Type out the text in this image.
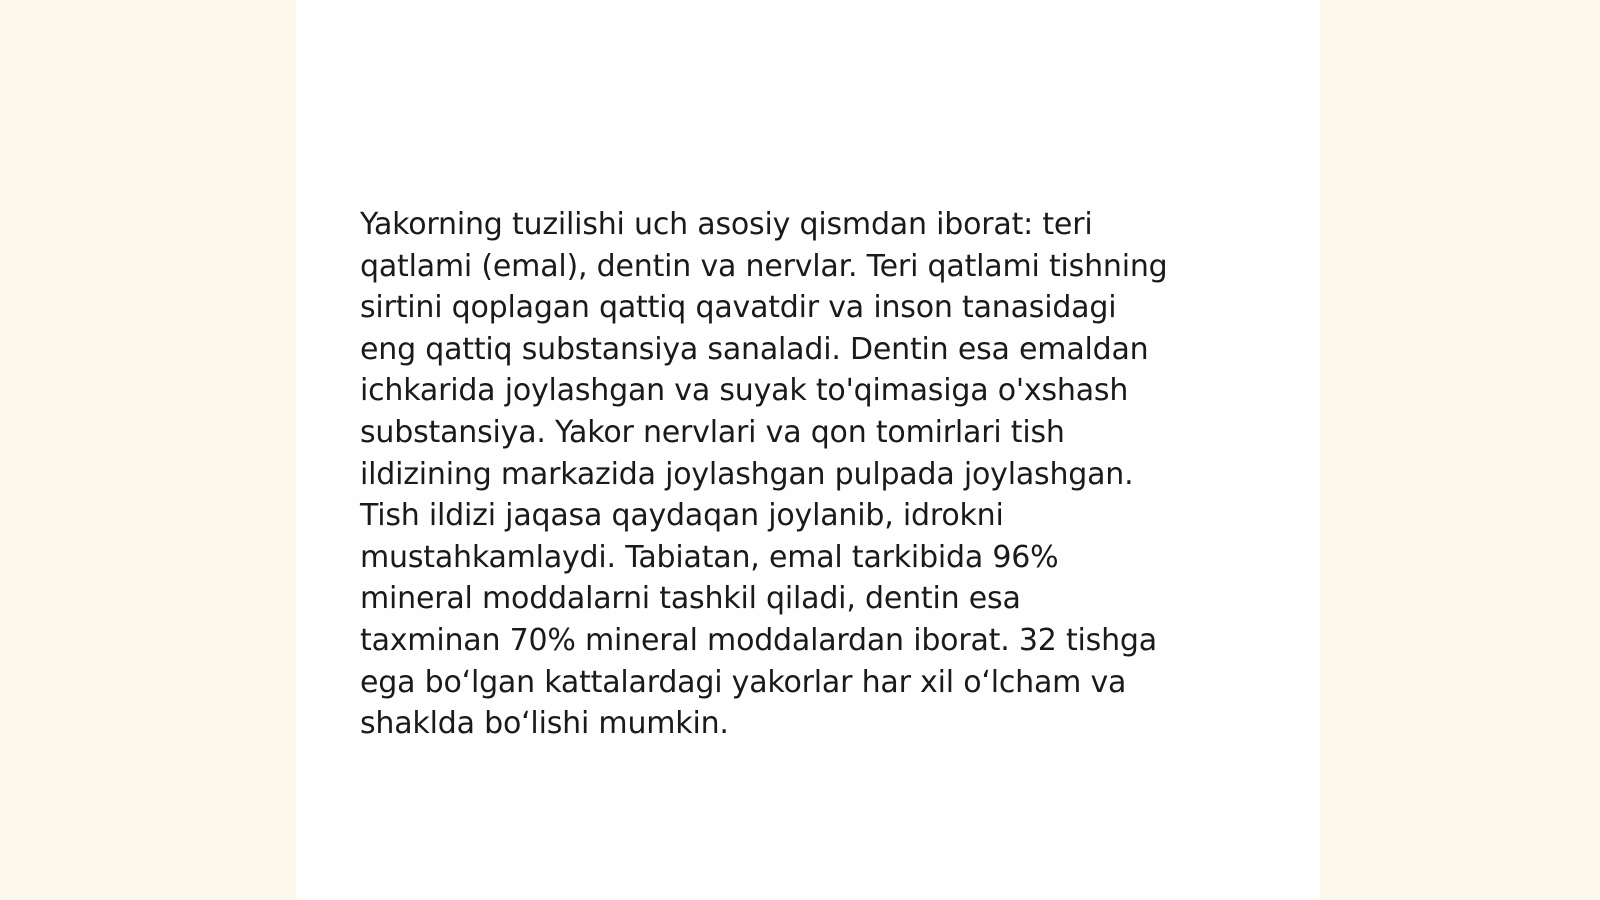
Yakorning tuzilishi uch asosiy qismdan iborat: teri
qatlami (emal), dentin va nervlar. Teri qatlami tishning
sirtini qoplagan qattiq qavatdir va inson tanasidagi
eng qattiq substansiya sanaladi. Dentin esa emaldan
ichkarida joylashgan va suyak to'qimasiga o'xshash
substansiya. Yakor nervlari va qon tomirlari tish
ildizining markazida joylashgan pulpada joylashgan.
Tish ildizi jaqasa qaydaqan joylanib, idrokni
mustahkamlaydi. Tabiatan, emal tarkibida 96%
mineral moddalarni tashkil qiladi, dentin esa
taxminan 70% mineral moddalardan iborat. 32 tishga
ega boʻlgan kattalardagi yakorlar har xil oʻlcham va
shaklda boʻlishi mumkin.
